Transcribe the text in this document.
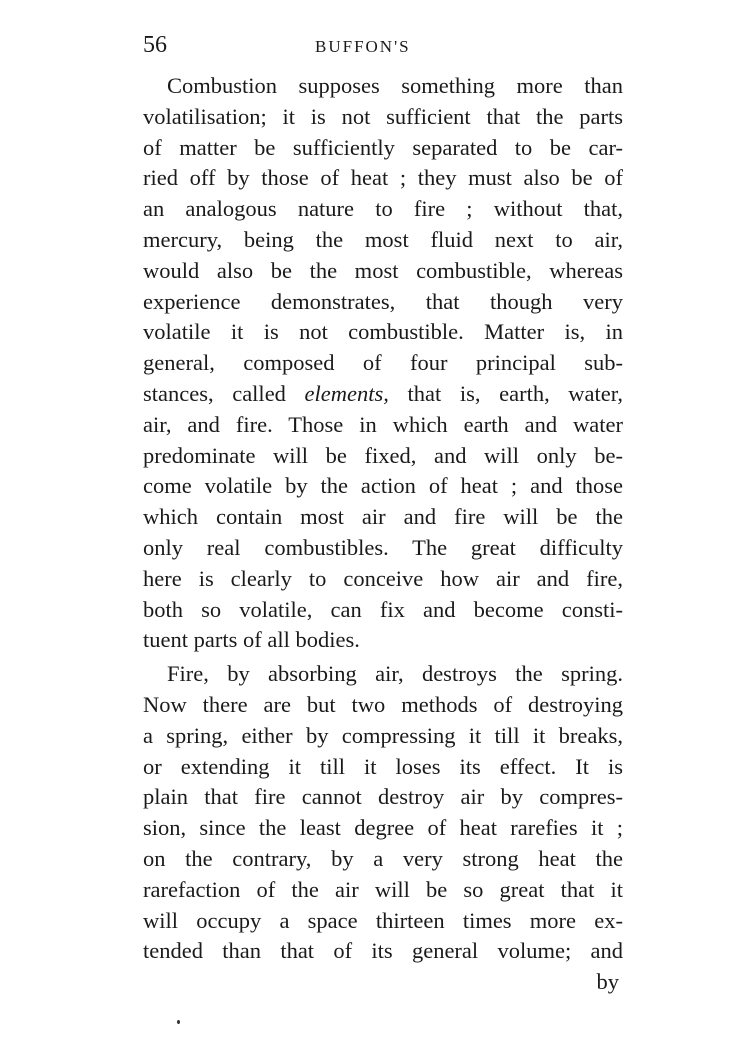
56	BUFFON'S
Combustion supposes something more than
volatilisation; it is not sufficient that the parts
of matter be sufficiently separated to be car-
ried off by those of heat ; they must also be of
an analogous nature to fire ; without that,
mercury, being the most fluid next to air,
would also be the most combustible, whereas
experience demonstrates, that though very
volatile it is not combustible. Matter is, in
general, composed of four principal sub-
stances, called elements, that is, earth, water,
air, and fire. Those in which earth and water
predominate will be fixed, and will only be-
come volatile by the action of heat ; and those
which contain most air and fire will be the
only real combustibles. The great difficulty
here is clearly to conceive how air and fire,
both so volatile, can fix and become consti-
tuent parts of all bodies.
Fire, by absorbing air, destroys the spring.
Now there are but two methods of destroying
a spring, either by compressing it till it breaks,
or extending it till it loses its effect. It is
plain that fire cannot destroy air by compres-
sion, since the least degree of heat rarefies it ;
on the contrary, by a very strong heat the
rarefaction of the air will be so great that it
will occupy a space thirteen times more ex-
tended than that of its general volume; and
by
